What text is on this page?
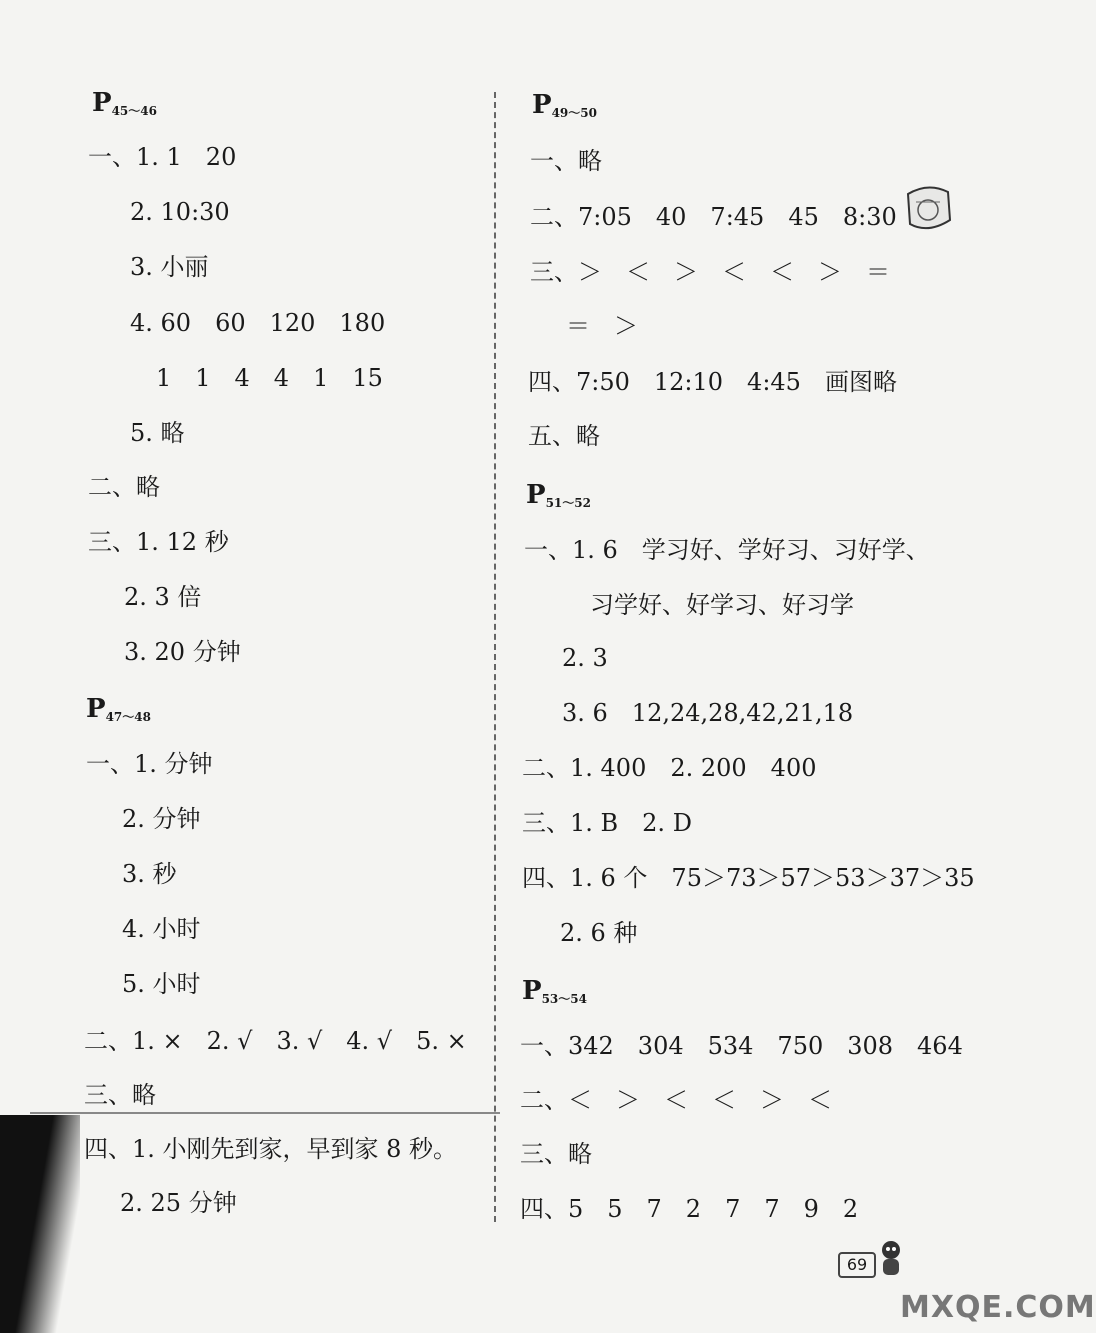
$P_{45\sim 46}$
一、1. 1　20
2. 10:30
3. 小丽
4. 60　60　120　180
1　1　4　4　1　15
5. 略
二、略
三、1. 12 秒
2. 3 倍
3. 20 分钟
$P_{47\sim 48}$
一、1. 分钟
2. 分钟
3. 秒
4. 小时
5. 小时
二、1. ×　2. √　3. √　4. √　5. ×
三、略
四、1. 小刚先到家，早到家 8 秒。
2. 25 分钟
$P_{49\sim 50}$
一、略
二、7:05　40　7:45　45　8:30
三、＞　＜　＞　＜　＜　＞　＝
＝　＞
四、7:50　12:10　4:45　画图略
五、略
$P_{51\sim 52}$
一、1. 6　学习好、学好习、习好学、
习学好、好学习、好习学
2. 3
3. 6　12,24,28,42,21,18
二、1. 400　2. 200　400
三、1. B　2. D
四、1. 6 个　75＞73＞57＞53＞37＞35
2. 6 种
$P_{53\sim 54}$
一、342　304　534　750　308　464
二、＜　＞　＜　＜　＞　＜
三、略
四、5　5　7　2　7　7　9　2
69
MXQE.COM
